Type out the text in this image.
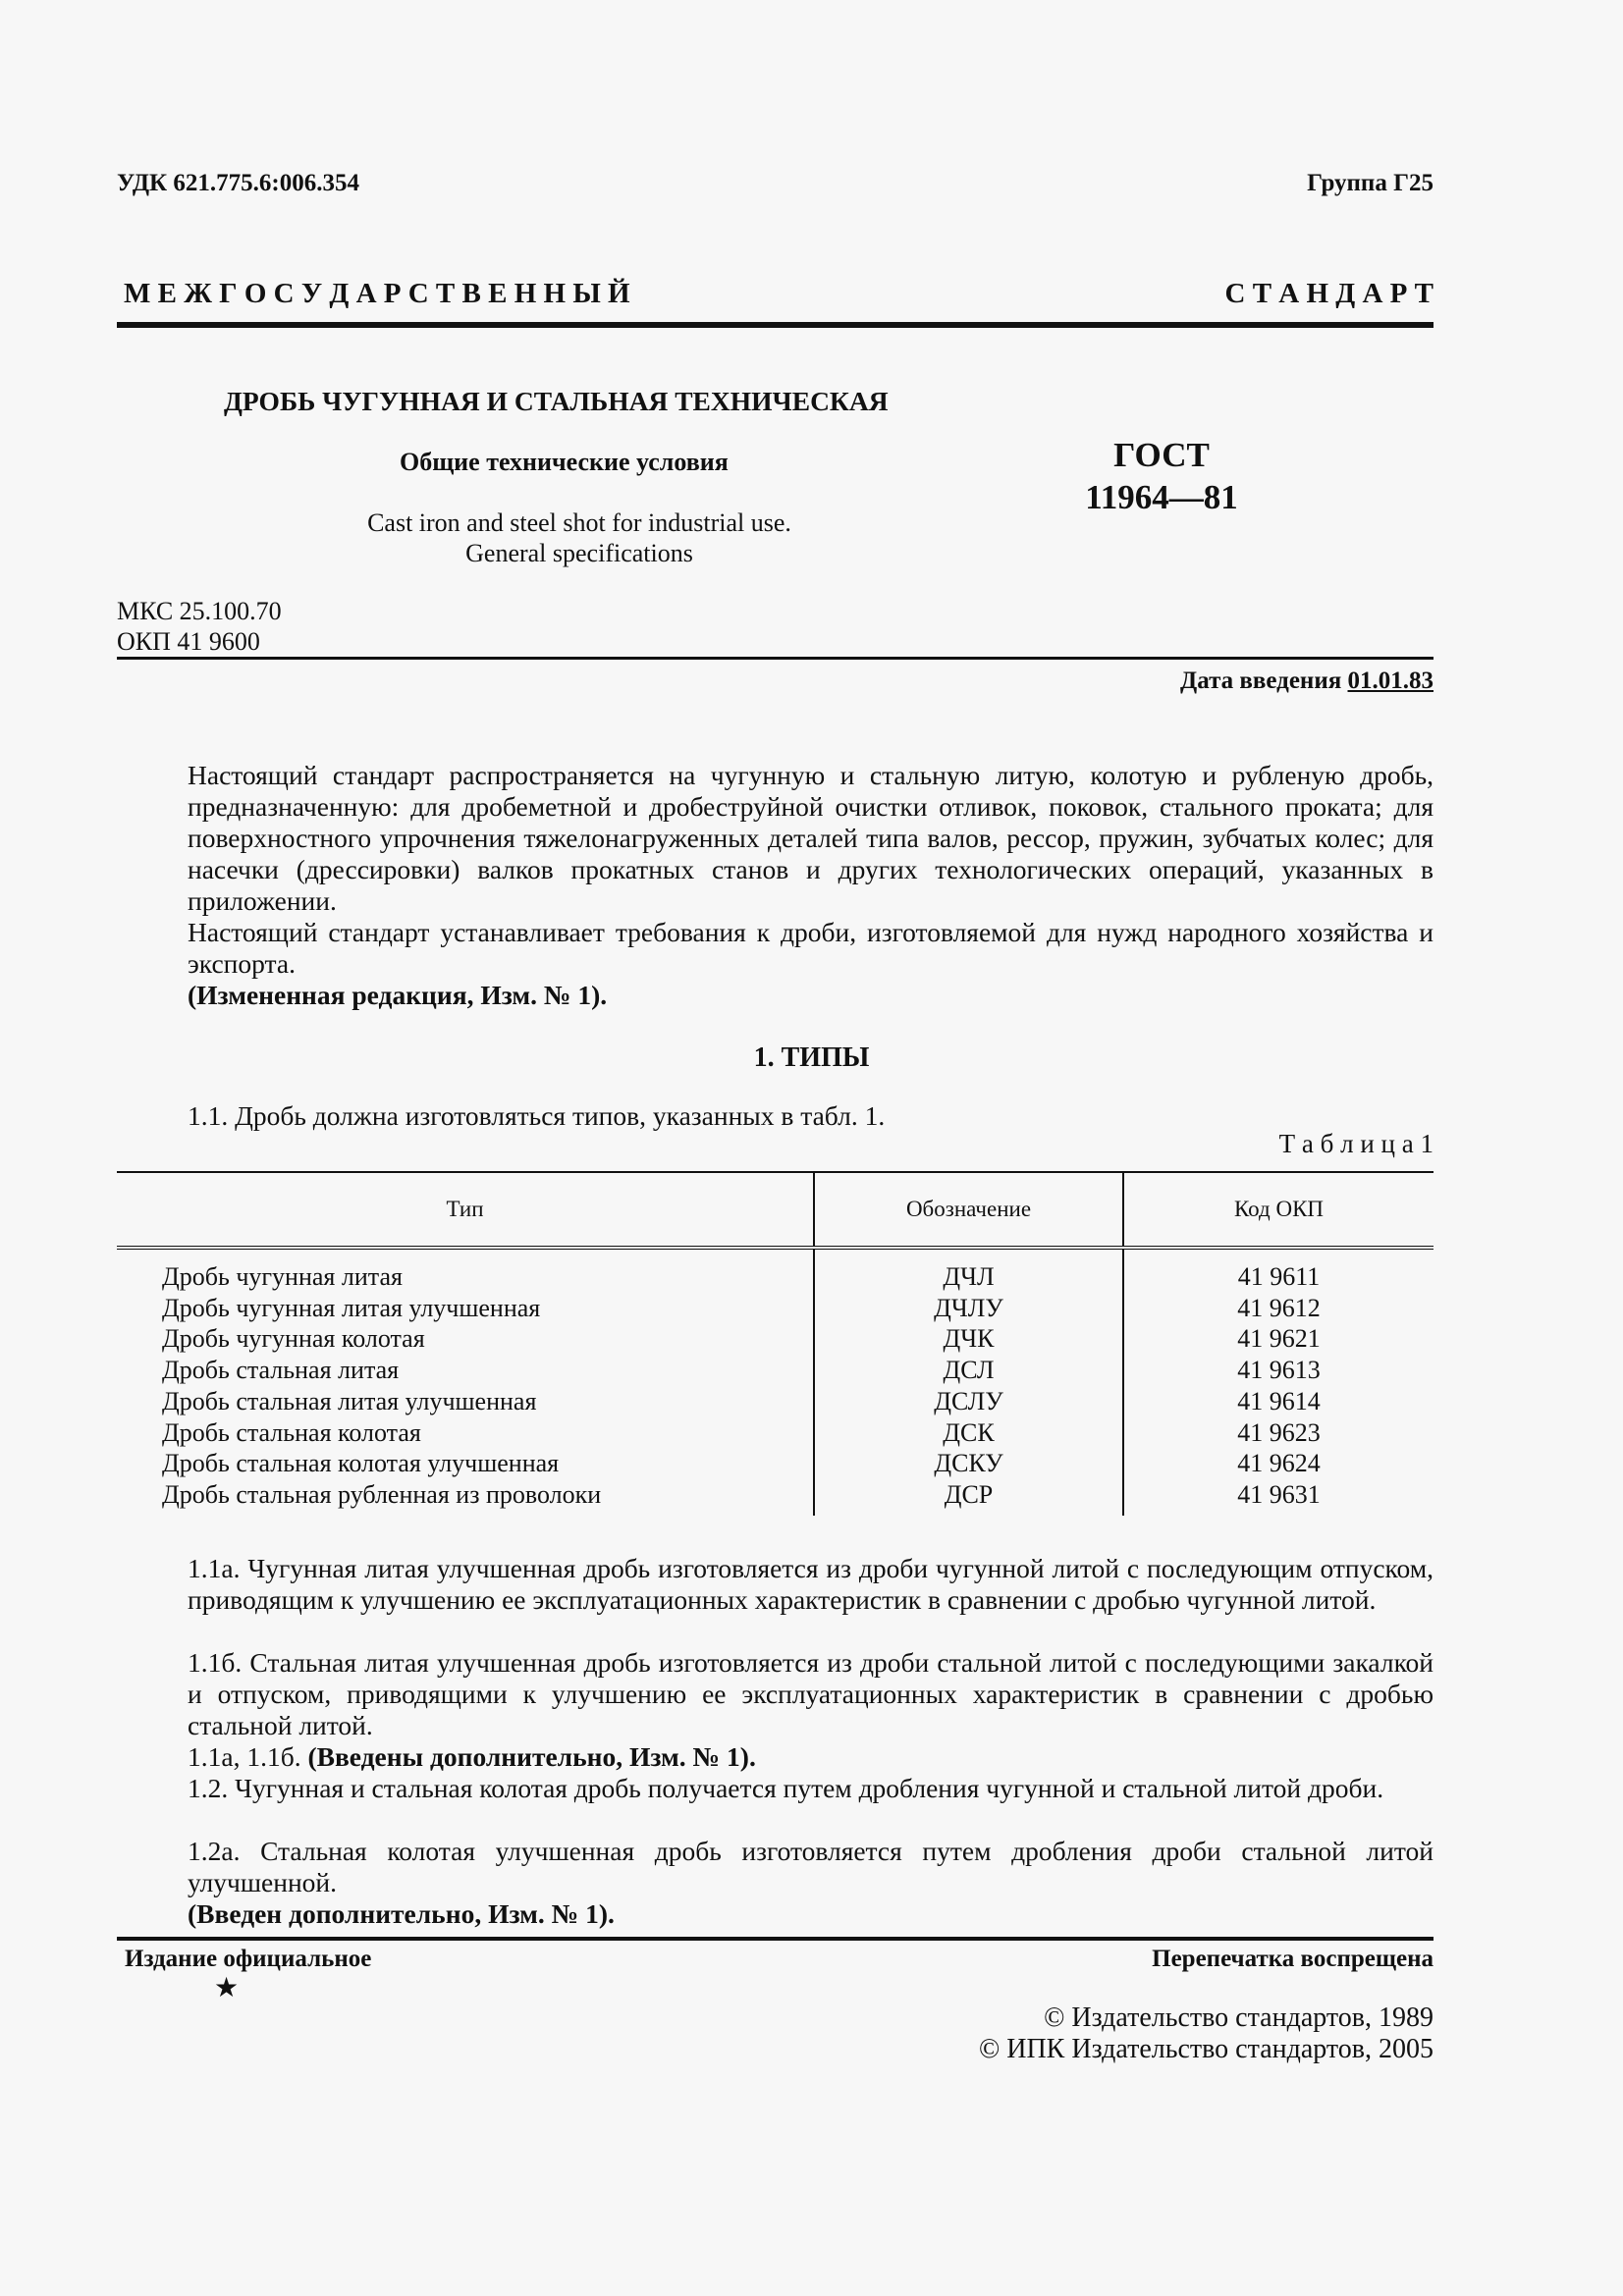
УДК 621.775.6:006.354	Группа Г25
М Е Ж Г О С У Д А Р С Т В Е Н Н Ы Й	С Т А Н Д А Р Т
ДРОБЬ ЧУГУННАЯ И СТАЛЬНАЯ ТЕХНИЧЕСКАЯ
Общие технические условия
Cast iron and steel shot for industrial use.
General specifications
ГОСТ
11964—81
МКС 25.100.70
ОКП 41 9600
Дата введения 01.01.83
Настоящий стандарт распространяется на чугунную и стальную литую, колотую и рубленую дробь, предназначенную: для дробеметной и дробеструйной очистки отливок, поковок, стального проката; для поверхностного упрочнения тяжелонагруженных деталей типа валов, рессор, пружин, зубчатых колес; для насечки (дрессировки) валков прокатных станов и других технологических операций, указанных в приложении.
Настоящий стандарт устанавливает требования к дроби, изготовляемой для нужд народного хозяйства и экспорта.
(Измененная редакция, Изм. № 1).
1. ТИПЫ
1.1. Дробь должна изготовляться типов, указанных в табл. 1.
Т а б л и ц а 1
Тип	Обозначение	Код ОКП
Дробь чугунная литая	ДЧЛ	41 9611
Дробь чугунная литая улучшенная	ДЧЛУ	41 9612
Дробь чугунная колотая	ДЧК	41 9621
Дробь стальная литая	ДСЛ	41 9613
Дробь стальная литая улучшенная	ДСЛУ	41 9614
Дробь стальная колотая	ДСК	41 9623
Дробь стальная колотая улучшенная	ДСКУ	41 9624
Дробь стальная рубленная из проволоки	ДСР	41 9631
1.1а. Чугунная литая улучшенная дробь изготовляется из дроби чугунной литой с последующим отпуском, приводящим к улучшению ее эксплуатационных характеристик в сравнении с дробью чугунной литой.
1.1б. Стальная литая улучшенная дробь изготовляется из дроби стальной литой с последующими закалкой и отпуском, приводящими к улучшению ее эксплуатационных характеристик в сравнении с дробью стальной литой.
1.1а, 1.1б. (Введены дополнительно, Изм. № 1).
1.2. Чугунная и стальная колотая дробь получается путем дробления чугунной и стальной литой дроби.
1.2а. Стальная колотая улучшенная дробь изготовляется путем дробления дроби стальной литой улучшенной.
(Введен дополнительно, Изм. № 1).
Издание официальное	Перепечатка воспрещена
★
© Издательство стандартов, 1989
© ИПК Издательство стандартов, 2005
